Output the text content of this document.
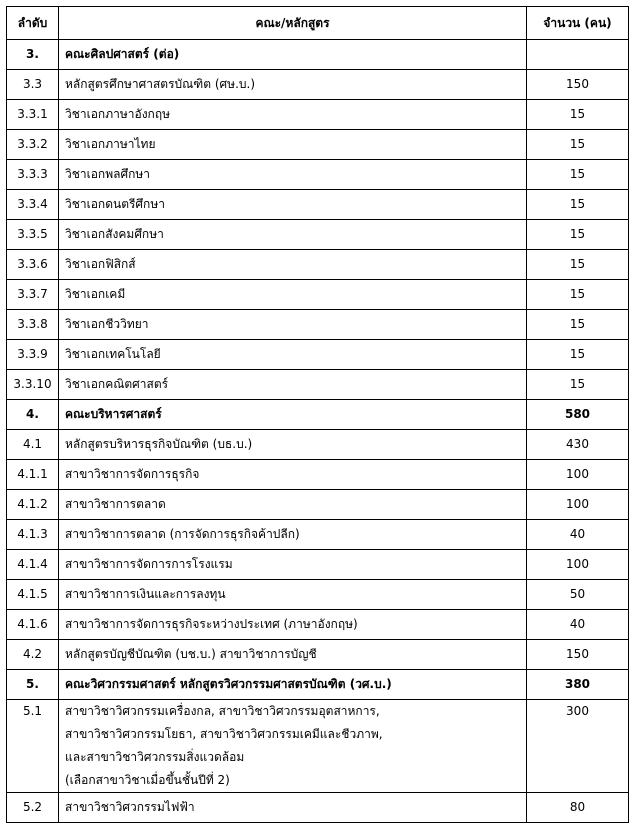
ลำดับ	คณะ/หลักสูตร	จำนวน (คน)
3.	คณะศิลปศาสตร์ (ต่อ)	
3.3	หลักสูตรศึกษาศาสตรบัณฑิต (ศษ.บ.)	150
3.3.1	วิชาเอกภาษาอังกฤษ	15
3.3.2	วิชาเอกภาษาไทย	15
3.3.3	วิชาเอกพลศึกษา	15
3.3.4	วิชาเอกดนตรีศึกษา	15
3.3.5	วิชาเอกสังคมศึกษา	15
3.3.6	วิชาเอกฟิสิกส์	15
3.3.7	วิชาเอกเคมี	15
3.3.8	วิชาเอกชีววิทยา	15
3.3.9	วิชาเอกเทคโนโลยี	15
3.3.10	วิชาเอกคณิตศาสตร์	15
4.	คณะบริหารศาสตร์	580
4.1	หลักสูตรบริหารธุรกิจบัณฑิต (บธ.บ.)	430
4.1.1	สาขาวิชาการจัดการธุรกิจ	100
4.1.2	สาขาวิชาการตลาด	100
4.1.3	สาขาวิชาการตลาด (การจัดการธุรกิจค้าปลีก)	40
4.1.4	สาขาวิชาการจัดการการโรงแรม	100
4.1.5	สาขาวิชาการเงินและการลงทุน	50
4.1.6	สาขาวิชาการจัดการธุรกิจระหว่างประเทศ (ภาษาอังกฤษ)	40
4.2	หลักสูตรบัญชีบัณฑิต (บช.บ.) สาขาวิชาการบัญชี	150
5.	คณะวิศวกรรมศาสตร์ หลักสูตรวิศวกรรมศาสตรบัณฑิต (วศ.บ.)	380
5.1	สาขาวิชาวิศวกรรมเครื่องกล, สาขาวิชาวิศวกรรมอุตสาหการ,
สาขาวิชาวิศวกรรมโยธา, สาขาวิชาวิศวกรรมเคมีและชีวภาพ,
และสาขาวิชาวิศวกรรมสิ่งแวดล้อม
(เลือกสาขาวิชาเมื่อขึ้นชั้นปีที่ 2)	300
5.2	สาขาวิชาวิศวกรรมไฟฟ้า	80
